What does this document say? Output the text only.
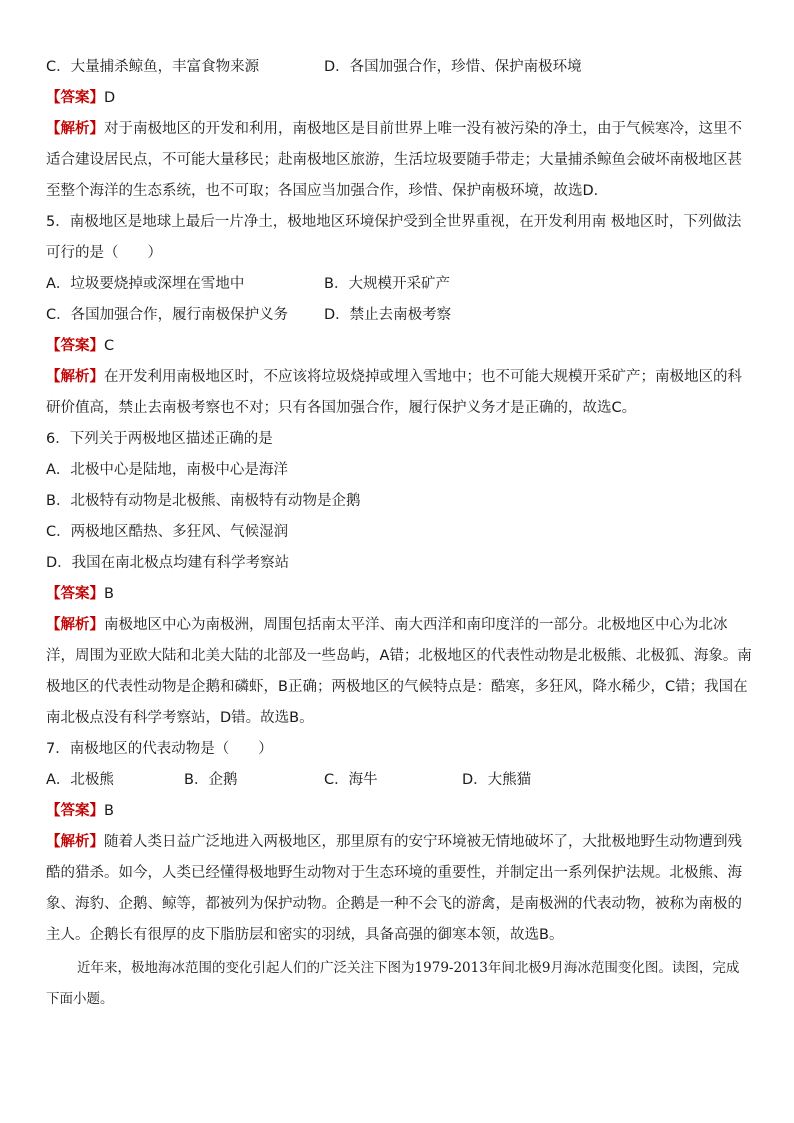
C．大量捕杀鲸鱼，丰富食物来源	D．各国加强合作，珍惜、保护南极环境
【答案】D
【解析】对于南极地区的开发和利用，南极地区是目前世界上唯一没有被污染的净土，由于气候寒冷，这里不适合建设居民点，不可能大量移民；赴南极地区旅游，生活垃圾要随手带走；大量捕杀鲸鱼会破坏南极地区甚至整个海洋的生态系统，也不可取；各国应当加强合作，珍惜、保护南极环境，故选D．
5．南极地区是地球上最后一片净土，极地地区环境保护受到全世界重视，在开发利用南 极地区时，下列做法可行的是（　　）
A．垃圾要烧掉或深埋在雪地中	B．大规模开采矿产
C．各国加强合作，履行南极保护义务 D．禁止去南极考察
【答案】C
【解析】在开发利用南极地区时，不应该将垃圾烧掉或埋入雪地中；也不可能大规模开采矿产；南极地区的科研价值高，禁止去南极考察也不对；只有各国加强合作，履行保护义务才是正确的，故选C。
6．下列关于两极地区描述正确的是
A．北极中心是陆地，南极中心是海洋
B．北极特有动物是北极熊、南极特有动物是企鹅
C．两极地区酷热、多狂风、气候湿润
D．我国在南北极点均建有科学考察站
【答案】B
【解析】南极地区中心为南极洲，周围包括南太平洋、南大西洋和南印度洋的一部分。北极地区中心为北冰洋，周围为亚欧大陆和北美大陆的北部及一些岛屿，A错；北极地区的代表性动物是北极熊、北极狐、海象。南极地区的代表性动物是企鹅和磷虾，B正确；两极地区的气候特点是：酷寒，多狂风，降水稀少，C错；我国在南北极点没有科学考察站，D错。故选B。
7．南极地区的代表动物是（　　）
A．北极熊	B．企鹅	C．海牛	D．大熊猫
【答案】B
【解析】随着人类日益广泛地进入两极地区，那里原有的安宁环境被无情地破坏了，大批极地野生动物遭到残酷的猎杀。如今，人类已经懂得极地野生动物对于生态环境的重要性，并制定出一系列保护法规。北极熊、海象、海豹、企鹅、鲸等，都被列为保护动物。企鹅是一种不会飞的游禽，是南极洲的代表动物，被称为南极的主人。企鹅长有很厚的皮下脂肪层和密实的羽绒，具备高强的御寒本领，故选B。
近年来，极地海冰范围的变化引起人们的广泛关注下图为1979-2013年间北极9月海冰范围变化图。读图，完成下面小题。
